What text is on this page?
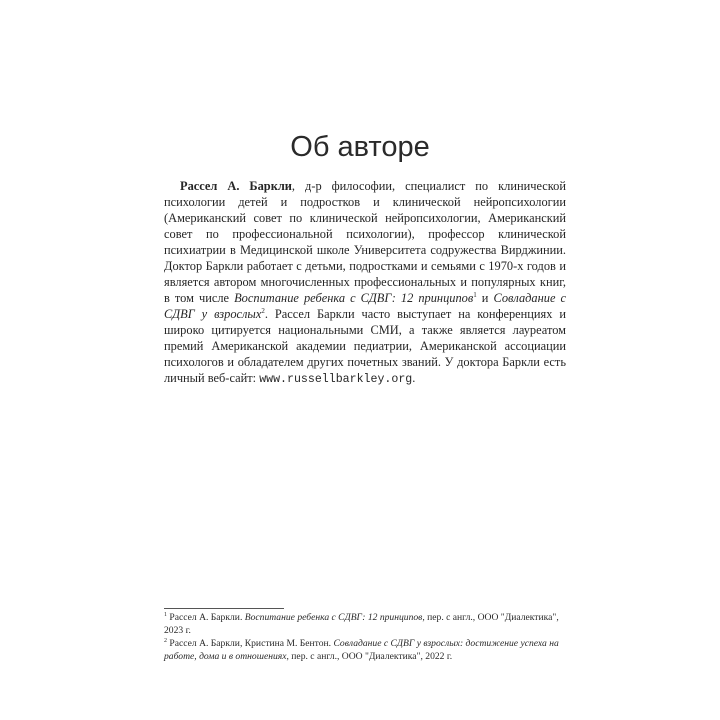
Об авторе

Рассел А. Баркли, д-р философии, специалист по клинической психологии детей и подростков и клинической нейропсихологии (Американский совет по клинической нейропсихологии, Американский совет по профессиональной психологии), профессор клинической психиатрии в Медицинской школе Университета содружества Вирджинии. Доктор Баркли работает с детьми, подростками и семьями с 1970-х годов и является автором многочисленных профессиональных и популярных книг, в том числе Воспитание ребенка с СДВГ: 12 принципов$^1$ и Совладание с СДВГ у взрослых$^2$. Рассел Баркли часто выступает на конференциях и широко цитируется национальными СМИ, а также является лауреатом премий Американской академии педиатрии, Американской ассоциации психологов и обладателем других почетных званий. У доктора Баркли есть личный веб-сайт: www.russellbarkley.org.

$^1$ Рассел А. Баркли. Воспитание ребенка с СДВГ: 12 принципов, пер. с англ., ООО "Диалектика", 2023 г.

$^2$ Рассел А. Баркли, Кристина М. Бентон. Совладание с СДВГ у взрослых: достижение успеха на работе, дома и в отношениях, пер. с англ., ООО "Диалектика", 2022 г.
